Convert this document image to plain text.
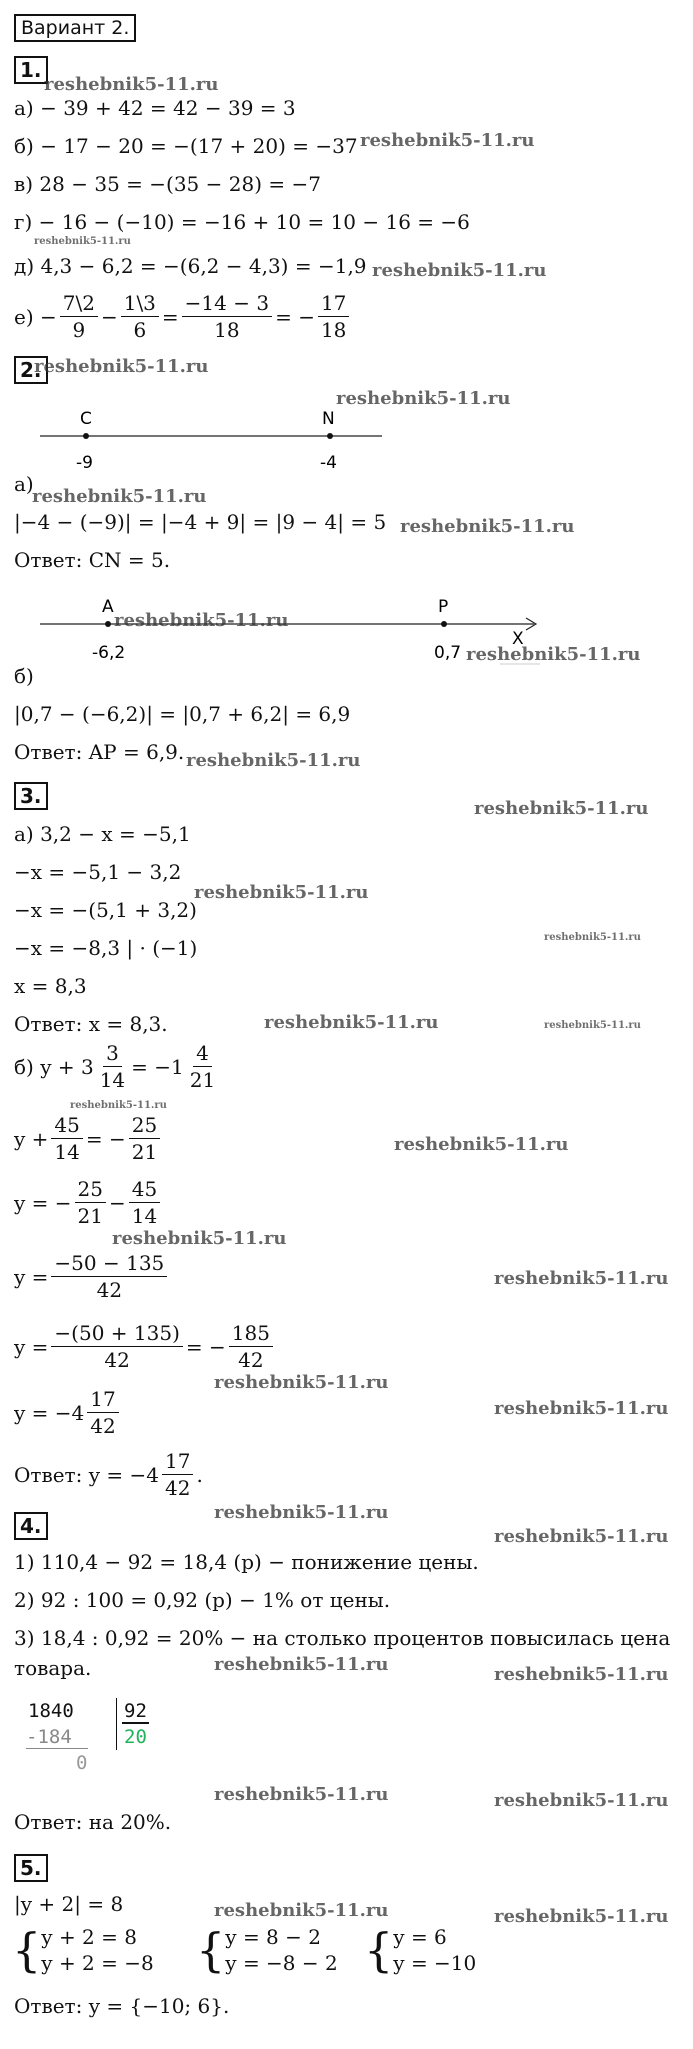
Вариант 2.
1.
reshebnik5-11.ru
а) − 39 + 42 = 42 − 39 = 3
б) − 17 − 20 = −(17 + 20) = −37 reshebnik5-11.ru
в) 28 − 35 = −(35 − 28) = −7
г) − 16 − (−10) = −16 + 10 = 10 − 16 = −6
reshebnik5-11.ru
д) 4,3 − 6,2 = −(6,2 − 4,3) = −1,9 reshebnik5-11.ru
$е) - \frac{7\backslash 2}{9} - \frac{1\backslash 3}{6} = \frac{-14 - 3}{18}$ = − $\frac{17}{18}$
2.
reshebnik5-11.ru
reshebnik5-11.ru
C	N
-9	-4
а)
reshebnik5-11.ru
|−4 − (−9)| = |−4 + 9| = |9 − 4| = 5 reshebnik5-11.ru
Ответ: CN = 5.
A	P
X
-6,2	0,7
reshebnik5-11.ru
reshebnik5-11.ru
б)
|0,7 − (−6,2)| = |0,7 + 6,2| = 6,9
Ответ: AP = 6,9. reshebnik5-11.ru
3.
reshebnik5-11.ru
а) 3,2 − x = −5,1
−x = −5,1 − 3,2
−x = −(5,1 + 3,2)
reshebnik5-11.ru
−x = −8,3 | · (−1)	reshebnik5-11.ru
x = 8,3
Ответ: x = 8,3.	reshebnik5-11.ru	reshebnik5-11.ru
б) $y + 3 \frac{3}{14} = -1 \frac{4}{21}$
reshebnik5-11.ru
$y + \frac{45}{14}$ = − $\frac{25}{21}$	reshebnik5-11.ru
y = − $\frac{25}{21} - \frac{45}{14}$
reshebnik5-11.ru
$y = \frac{-50 - 135}{42}$	reshebnik5-11.ru
$y = \frac{-(50 + 135)}{42}$ = − $\frac{185}{42}$
reshebnik5-11.ru
$y = -4 \frac{17}{42}$	reshebnik5-11.ru
Ответ: $y = -4 \frac{17}{42}$ .
reshebnik5-11.ru
4.	reshebnik5-11.ru
1) 110,4 − 92 = 18,4 (р) − понижение цены.
2) 92 : 100 = 0,92 (р) − 1% от цены.
3) 18,4 : 0,92 = 20% − на столько процентов повысилась цена
товара.	reshebnik5-11.ru	reshebnik5-11.ru
1840	92
20
-184
0
reshebnik5-11.ru	reshebnik5-11.ru
Ответ: на 20%.
5.
|y + 2| = 8	reshebnik5-11.ru	reshebnik5-11.ru
{ y + 2 = 8
y + 2 = −8 { y = 8 − 2
y = −8 − 2 { y = 6
y = −10
Ответ: y = {−10; 6}.
